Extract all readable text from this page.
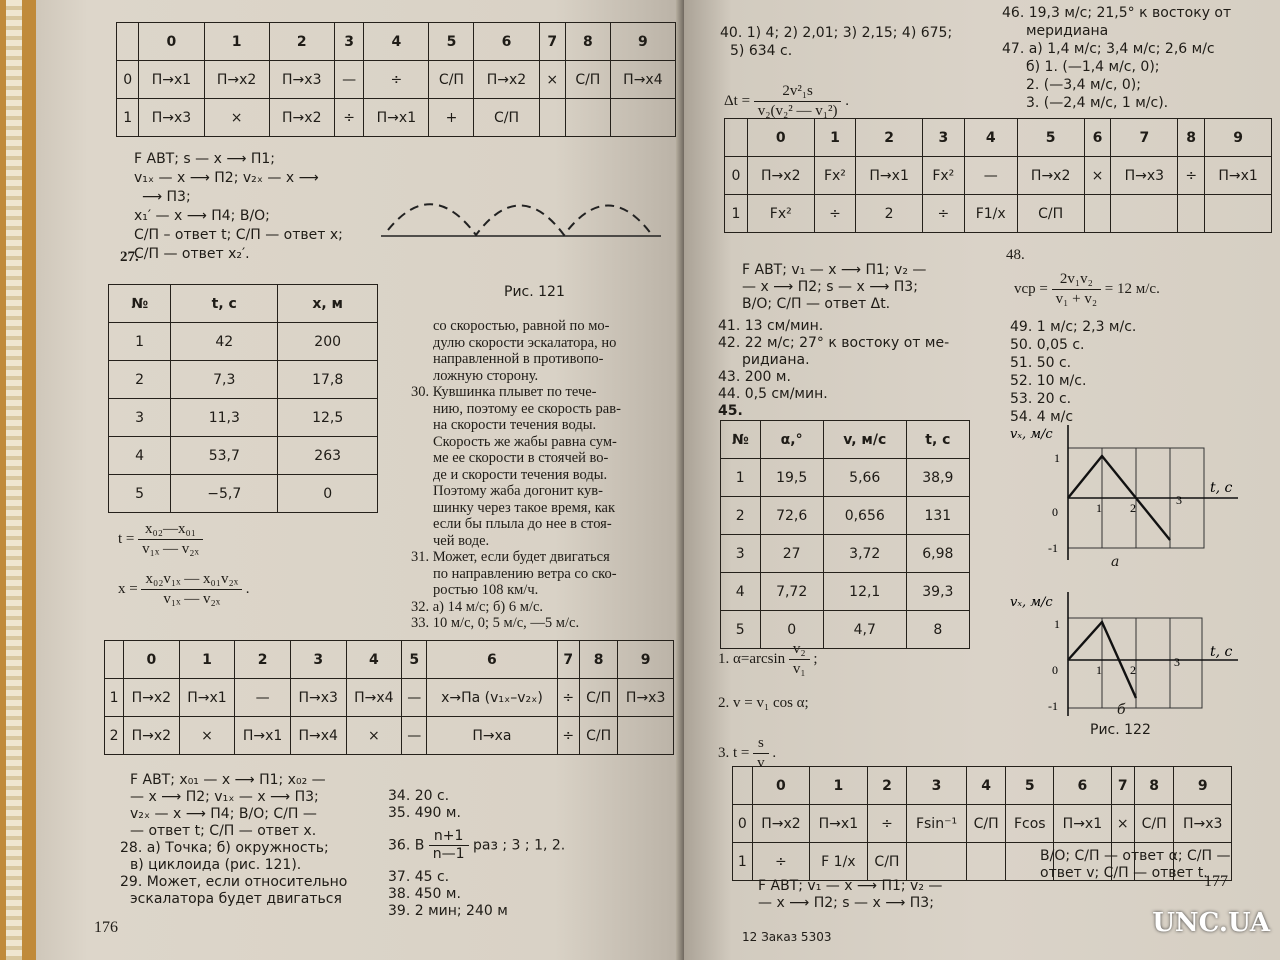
	0	1	2	3	4	5	6	7	8	9
0	П→x1	П→x2	П→x3	—	÷	С/П	П→x2	×	С/П	П→x4
1	П→x3	×	П→x2	÷	П→x1	+	С/П			
F АВТ; s — x ⟶ П1;
v₁ₓ — x ⟶ П2; v₂ₓ — x ⟶
⟶ П3;
x₁′ — x ⟶ П4; В/О;
С/П – ответ t; С/П — ответ x;
С/П — ответ x₂′.
27.
Рис. 121
№	t, с	x, м
1	42	200
2	7,3	17,8
3	11,3	12,5
4	53,7	263
5	−5,7	0
со скоростью, равной по мо-
дулю скорости эскалатора, но
направленной в противопо-
ложную сторону.
30. Кувшинка плывет по тече-
нию, поэтому ее скорость рав-
на скорости течения воды.
Скорость же жабы равна сум-
ме ее скорости в стоячей во-
де и скорости течения воды.
Поэтому жаба догонит кув-
шинку через такое время, как
если бы плыла до нее в стоя-
чей воде.
31. Может, если будет двигаться
по направлению ветра со ско-
ростью 108 км/ч.
32. а) 14 м/с; б) 6 м/с.
33. 10 м/с, 0; 5 м/с, —5 м/с.
$t = \frac{\text{x₀₂—x₀₁}}{\text{v₁ₓ — v₂ₓ}}$
$x = \frac{\text{x₀₂v₁ₓ — x₀₁v₂ₓ}}{\text{v₁ₓ — v₂ₓ}}$ .
	0	1	2	3	4	5	6	7	8	9
1	П→x2	П→x1	—	П→x3	П→x4	—	x→Па (v₁ₓ–v₂ₓ)	÷	С/П	П→x3
2	П→x2	×	П→x1	П→x4	×	—	П→xa	÷	С/П	
F АВТ; x₀₁ — x ⟶ П1; x₀₂ —
— x ⟶ П2; v₁ₓ — x ⟶ П3;
v₂ₓ — x ⟶ П4; В/О; С/П —
— ответ t; С/П — ответ x.
28. а) Точка; б) окружность;
в) циклоида (рис. 121).
29. Может, если относительно
эскалатора будет двигаться
34. 20 с.
35. 490 м.
36. В $\frac{n+1}{n—1}$ раз ; 3 ; 1, 2.
37. 45 с.
38. 450 м.
39. 2 мин; 240 м
176
40. 1) 4; 2) 2,01; 3) 2,15; 4) 675;
5) 634 с.
$\Delta t = \frac{\text{2v²₁s}}{\text{v₂(v₂² — v₁²)}}$ .
46. 19,3 м/с; 21,5° к востоку от
меридиана
47. а) 1,4 м/с; 3,4 м/с; 2,6 м/с
б) 1. (—1,4 м/с, 0);
2. (—3,4 м/с, 0);
3. (—2,4 м/с, 1 м/с).
	0	1	2	3	4	5	6	7	8	9
0	П→x2	Fx²	П→x1	Fx²	—	П→x2	×	П→x3	÷	П→x1
1	Fx²	÷	2	÷	F1/x	С/П				
F АВТ; v₁ — x ⟶ П1; v₂ —
— x ⟶ П2; s — x ⟶ П3;
В/О; С/П — ответ Δt.
41. 13 см/мин.
42. 22 м/с; 27° к востоку от ме-
ридиана.
43. 200 м.
44. 0,5 см/мин.
45.
48.
vср = $\frac{\text{2v₁v₂}}{\text{v₁ + v₂}} = 12$ м/с.
49. 1 м/с; 2,3 м/с.
50. 0,05 с.
51. 50 с.
52. 10 м/с.
53. 20 с.
54. 4 м/с
№	α,°	v, м/с	t, с
1	19,5	5,66	38,9
2	72,6	0,656	131
3	27	3,72	6,98
4	7,72	12,1	39,3
5	0	4,7	8
vₓ, м/с
t, c
1
0
-1
1 2
3
а
vₓ, м/с
t, c
1
0
-1
1 2
3
б
Рис. 122
1. $\alpha=\arcsin \frac{\text{v₂}}{\text{v₁}}$ ;
2. v = v₁ cos α;
3. $t = \frac{s}{v}$ .
	0	1	2	3	4	5	6	7	8	9
0	П→x2	П→x1	÷	Fsin⁻¹	С/П	Fcos	П→x1	×	С/П	П→x3
1	÷	F 1/x	С/П							
F АВТ; v₁ — x ⟶ П1; v₂ —
— x ⟶ П2; s — x ⟶ П3;
В/О; С/П — ответ α; С/П —
ответ v; С/П — ответ t.
177
12 Заказ 5303	UNC.UA
